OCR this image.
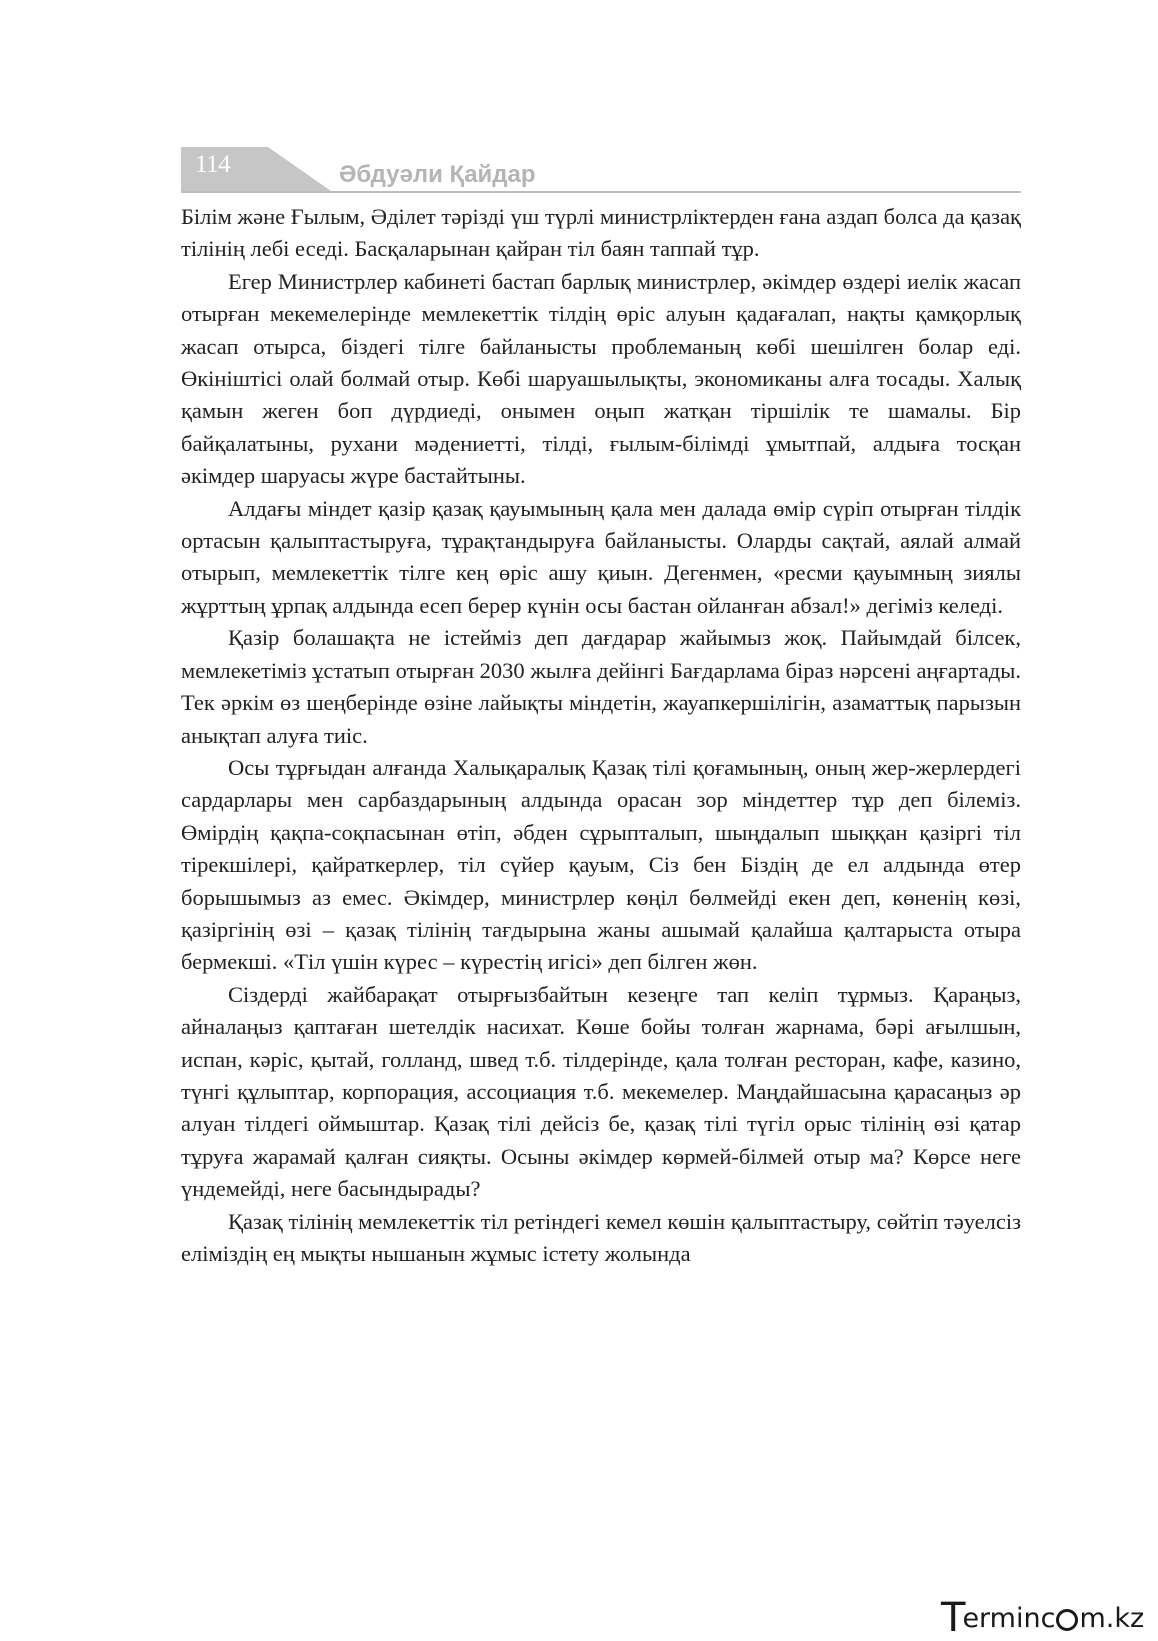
114	Әбдуәли Қайдар

Білім және Ғылым, Әділет тәрізді үш түрлі министрліктерден ғана аздап болса да қазақ тілінің лебі еседі. Басқаларынан қайран тіл баян таппай тұр.

Егер Министрлер кабинеті бастап барлық министрлер, әкімдер өздері иелік жасап отырған мекемелерінде мемлекеттік тілдің өріс алуын қадағалап, нақты қамқорлық жасап отырса, біздегі тілге байланысты проблеманың көбі шешілген болар еді. Өкініштісі олай болмай отыр. Көбі шаруашылықты, экономиканы алға тосады. Халық қамын жеген боп дүрдиеді, онымен оңып жатқан тіршілік те шамалы. Бір байқалатыны, рухани мәдениетті, тілді, ғылым-білімді ұмытпай, алдыға тосқан әкімдер шаруасы жүре бастайтыны.

Алдағы міндет қазір қазақ қауымының қала мен далада өмір сүріп отырған тілдік ортасын қалыптастыруға, тұрақтандыруға байланысты. Оларды сақтай, аялай алмай отырып, мемлекеттік тілге кең өріс ашу қиын. Дегенмен, «ресми қауымның зиялы жұрттың ұрпақ алдында есеп берер күнін осы бастан ойланған абзал!» дегіміз келеді.

Қазір болашақта не істейміз деп дағдарар жайымыз жоқ. Пайымдай білсек, мемлекетіміз ұстатып отырған 2030 жылға дейінгі Бағдарлама біраз нәрсені аңғартады. Тек әркім өз шеңберінде өзіне лайықты міндетін, жауапкершілігін, азаматтық парызын анықтап алуға тиіс.

Осы тұрғыдан алғанда Халықаралық Қазақ тілі қоғамының, оның жер-жерлердегі сардарлары мен сарбаздарының алдында орасан зор міндеттер тұр деп білеміз. Өмірдің қақпа-соқпасынан өтіп, әбден сұрыпталып, шыңдалып шыққан қазіргі тіл тірекшілері, қайраткерлер, тіл сүйер қауым, Сіз бен Біздің де ел алдында өтер борышымыз аз емес. Әкімдер, министрлер көңіл бөлмейді екен деп, көненің көзі, қазіргінің өзі – қазақ тілінің тағдырына жаны ашымай қалайша қалтарыста отыра бермекші. «Тіл үшін күрес – күрестің игісі» деп білген жөн.

Сіздерді жайбарақат отырғызбайтын кезеңге тап келіп тұрмыз. Қараңыз, айналаңыз қаптаған шетелдік насихат. Көше бойы толған жарнама, бәрі ағылшын, испан, кәріс, қытай, голланд, швед т.б. тілдерінде, қала толған ресторан, кафе, казино, түнгі құлыптар, корпорация, ассоциация т.б. мекемелер. Маңдайшасына қарасаңыз әр алуан тілдегі оймыштар. Қазақ тілі дейсіз бе, қазақ тілі түгіл орыс тілінің өзі қатар тұруға жарамай қалған сияқты. Осыны әкімдер көрмей-білмей отыр ма? Көрсе неге үндемейді, неге басындырады?

Қазақ тілінің мемлекеттік тіл ретіндегі кемел көшін қалыптастыру, сөйтіп тәуелсіз еліміздің ең мықты нышанын жұмыс істету жолында

Terminc m.kz
